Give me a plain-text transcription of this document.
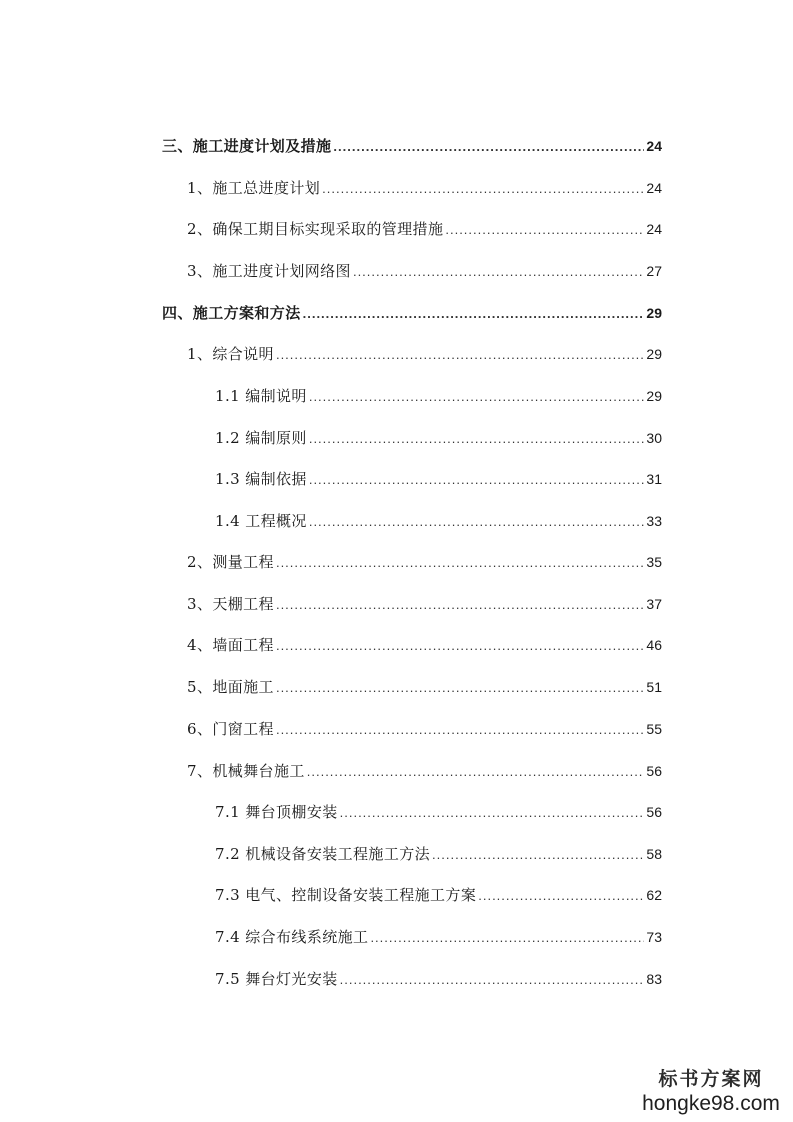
三、施工进度计划及措施 .....	24
1、施工总进度计划 .....	24
2、确保工期目标实现采取的管理措施 .....	24
3、施工进度计划网络图 .....	27
四、施工方案和方法 .....	29
1、综合说明 .....	29
1.1 编制说明 .....	29
1.2 编制原则 .....	30
1.3 编制依据 .....	31
1.4 工程概况 .....	33
2、测量工程 .....	35
3、天棚工程 .....	37
4、墙面工程 .....	46
5、地面施工 .....	51
6、门窗工程 .....	55
7、机械舞台施工 .....	56
7.1 舞台顶棚安装 .....	56
7.2 机械设备安装工程施工方法 .....	58
7.3 电气、控制设备安装工程施工方案 .....	62
7.4 综合布线系统施工 .....	73
7.5 舞台灯光安装 .....	83
标书方案网
hongke98.com
